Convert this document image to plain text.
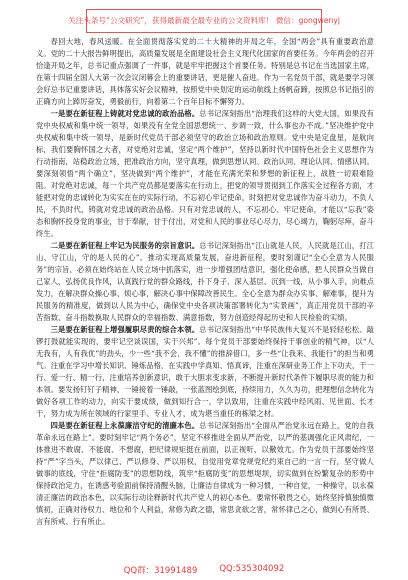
关注头条号“公文研究”，获得最新最全最专业的公文资料库！ 微信：gongwenyj

春回大地，春风送暖。在全面贯彻落实党的二十大精神的开局之年，全国“两会”具有重要政治意义。党的二十大报告鲜明提出，高质量发展是全面建设社会主义现代化国家的首要任务。今年两会的召开恰逢开局之年，总书记重点强调了一件事，就是牢牢把握这个首要任务。特别是总书记在当选国家主席，在第十四届全国人大第一次会议闭幕会上的重要讲话，更是催人奋进。作为一名党员干部，就是要学习领会好总书记重要讲话，具体落实好会议精神，按照党中央划定的运动航线上扬帆奋蹄，按照总书记指引的正确方向上踔厉奋发，勇毅前行，向着第二个百年目标不懈努力。

一是要在新征程上铸就对党忠诚的政治品格。总书记深刻指出“治理我们这样的大党大国，如果没有党中央权威和集中统一领导，如果没有全党全国思想统一、步调一致，什么事也办不成。”坚决维护党中央权威和集中统一领导，是新时代党员干部必须坚守的政治立场和政治原则。党中央是定盘星，是航向标，我们要胸怀国之大者，对党绝对忠诚，坚定“两个维护”，坚持以新时代中国特色社会主义思想作为行动指南，站稳政治立场，把准政治方向，坚守真理，做到思想认同、政治认同、理论认同、情感认同。要深刻领悟“两个确立”，坚决做到“两个维护”，才能在充满光荣和梦想的新征程上，战胜一切艰难险阻。对党绝对忠诚，每一个共产党员都是要落实在行动上，把党的领导贯彻到工作落实全过程各方面，才能把对党的忠诚转化为实实在在的实际行动，不忘初心牢记使命，时刻把对党忠诚作为奋斗动力，不负人民，不负时代，铸就对党忠诚的政治品格。只有对党忠诚的人，不忘初心、牢记使命，才能以“忘我”姿态和胸怀投身党的事业，甘于奉献，甘于付出，对党和人民的事业尽心尽力，尽心竭力，鞠躬尽瘁，奋斗终生。

二是要在新征程上牢记为民服务的宗旨意识。总书记深刻指出“江山就是人民，人民就是江山，打江山、守江山，守的是人民的心”。推动实现高质量发展，奋进新征程，要时刻谨记“全心全意为人民服务”的宗旨，必须在始终站在人民立场中抓落实，进一步增强团结意识，强化使命感，把人民群众当做自己家人，弘扬优良作风，认真践行党的群众路线，扑下身子、深入基层、沉到一线，从小事入手，向难点发力，在解决群众操心事、烦心事，解决心事中保障改善民生。全心全意为群众办实事、解难事，提升为民服务的精准度，做到以人民为中心，确保党中央各项决策部署转化为“实景画”，真正用党员干部的辛苦指数、奋斗指数换取人民群众的幸福指数、满意指数，努力创造经得起历史和人民检验的实绩。

三是要在新征程上增强履职尽责的综合本领。总书记深刻指出“中华民族伟大复兴不是轻轻松松、敲锣打鼓就能实现的，要牢记空谈误国，实干兴邦”。每个党员干部要始终保持干事创业的精气神，以“人无我有，人有我优”的劲头，少一些“我不会、我不懂”的推辞借口，多一些“让我来、我能行”的担当和勇气。注重在学习中增长知识、锤炼品格，在实践中学真知、悟真谛，注重在深研业务工作上下功夫，干一行、爱一行、精一行，注重培养创新意识，敢于大胆求变求新，不断提升新时代条件下履职尽责的能力和本领。要发扬钉钉子精神，一锤接着一锤敲，一张蓝图绘到底，持续用力，久久为功，把理想信念转化为做好各项工作的动力，向实干要成绩，做到知行合一，学以致用，注重在实践中经风雨、见世面、长才干，努力成为所在领域的行家里手、专业人才，成为堪当重任的栋梁之材。

四是要在新征程上永葆廉洁守纪的清廉本色。总书记深刻指出“全面从严治党永远在路上，党的自我革命永远在路上”。要时刻牢记“两个务必”，坚定不移推进全面从严治党，以严的基调强化正风肃纪，一体推进不敢腐、不能腐、不想腐，把纪律规矩挺在前面，以正视听、以儆效尤。作为党员干部要始终坚持“严”字当头，严以律己、严以修身、严以用权，自觉用党章党规党纪约束自己的一言一行，坚守做人做事的底线，守住“拒腐防变”的思想防线，筑牢“拒腐防变”的思想堤坝，切实做到在纷繁复杂的形势中保持政治定力，在诱惑考验面前保持清醒头脑，让廉洁自律成为一种习惯，一种自觉，一种操守，以永葆清正廉洁的政治本色，以实际行动诠释新时代共产党人的初心本色。要常怀敬畏之心，始终坚持慎独慎微慎初，正确对待权力、地位和个人利益，常修为政之德，常思贪欲之害，常怀律己之心，做到心有所畏、言有所戒、行有所止。

QQ群：31991489	QQ:535304092
